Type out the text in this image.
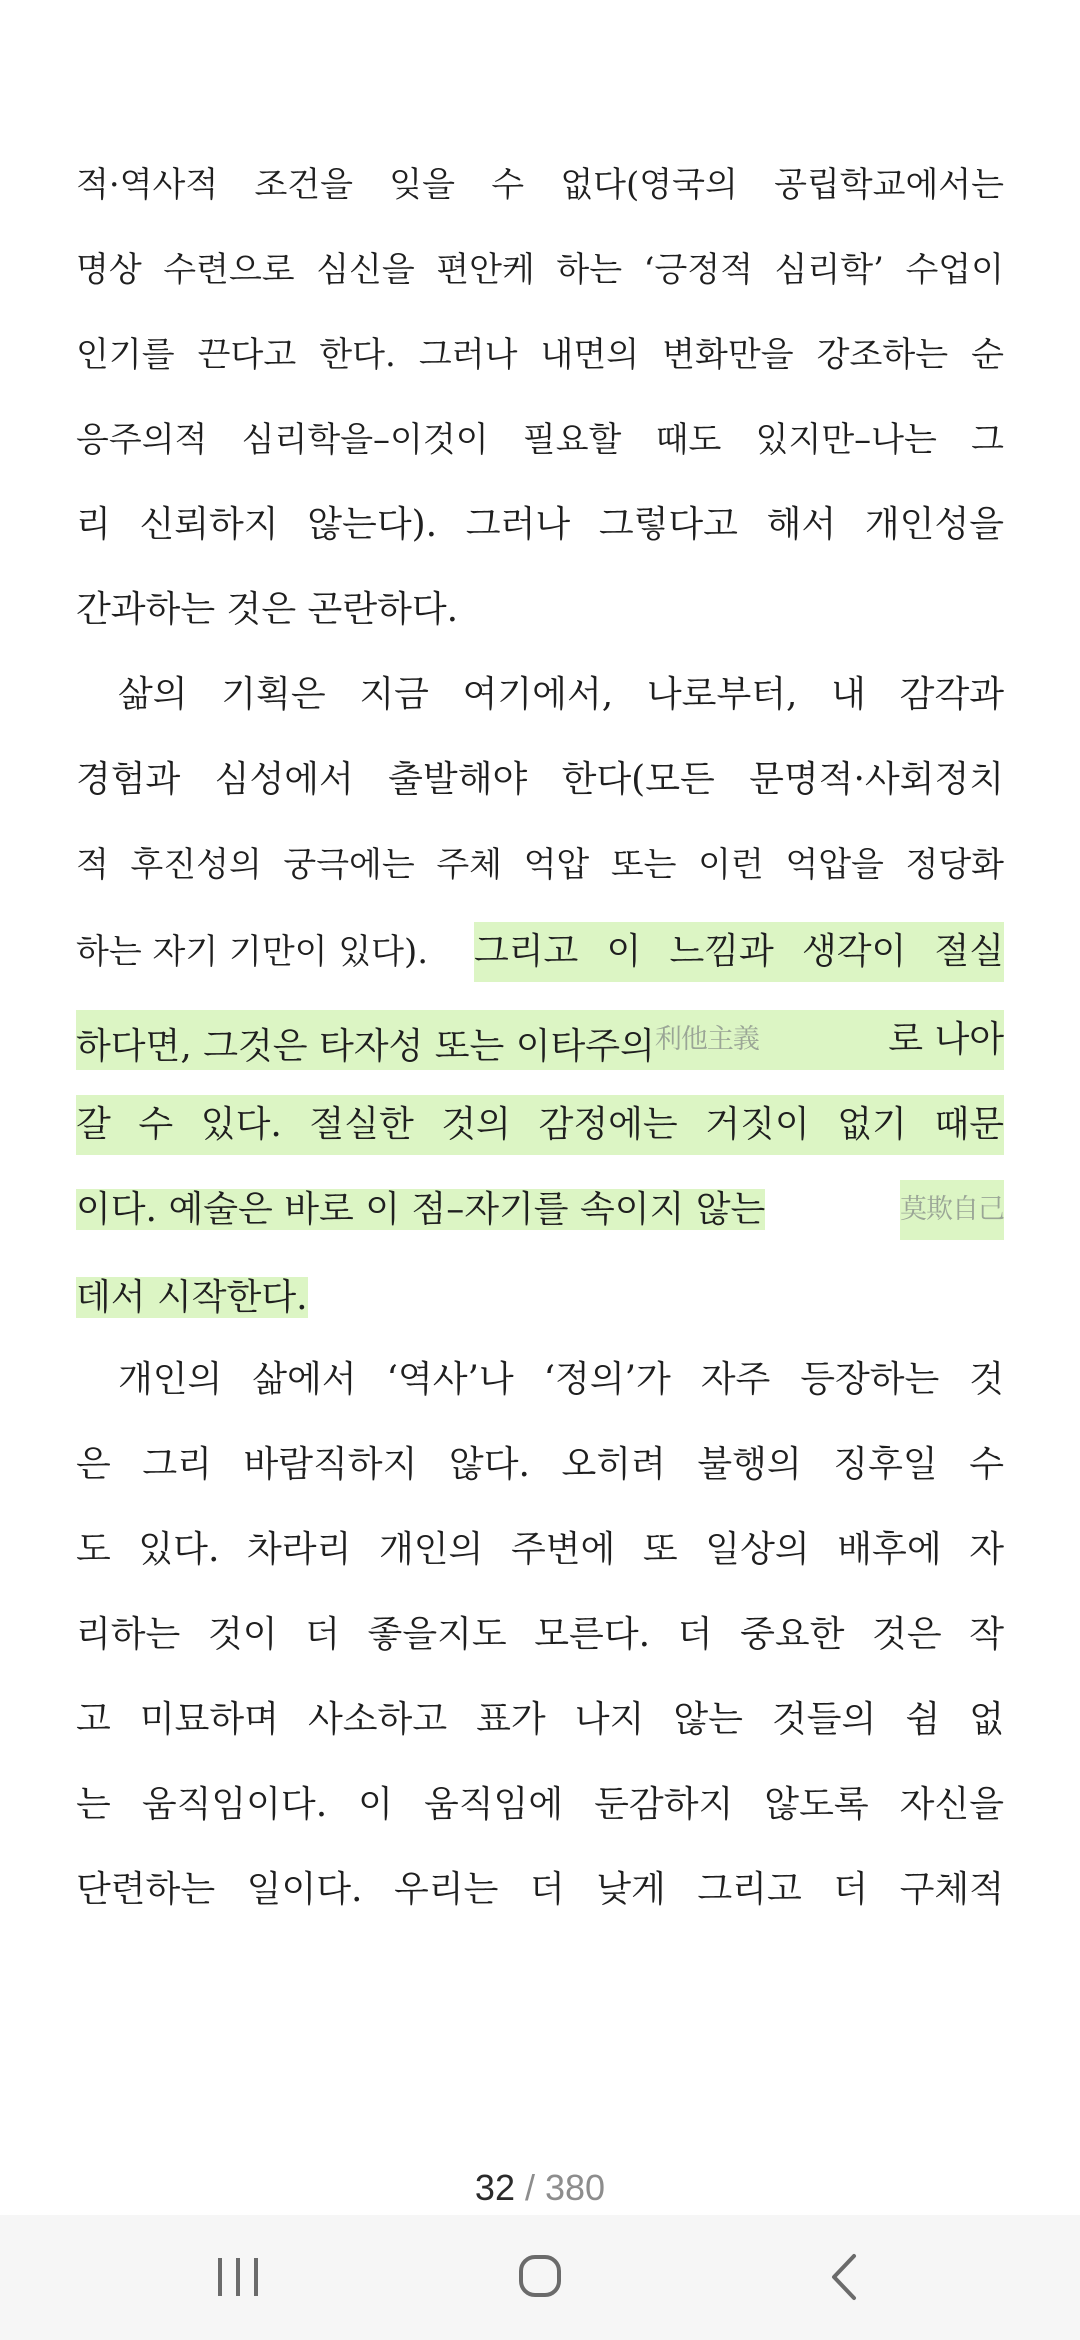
적·역사적 조건을 잊을 수 없다(영국의 공립학교에서는
명상 수련으로 심신을 편안케 하는 ‘긍정적 심리학’ 수업이
인기를 끈다고 한다. 그러나 내면의 변화만을 강조하는 순
응주의적 심리학을–이것이 필요할 때도 있지만–나는 그
리 신뢰하지 않는다). 그러나 그렇다고 해서 개인성을
간과하는 것은 곤란하다.
삶의 기획은 지금 여기에서, 나로부터, 내 감각과
경험과 심성에서 출발해야 한다(모든 문명적·사회정치
적 후진성의 궁극에는 주체 억압 또는 이런 억압을 정당화
하는 자기 기만이 있다). 그리고 이 느낌과 생각이 절실
하다면, 그것은 타자성 또는 이타주의$^{利他主義}$	로 나아
갈 수 있다. 절실한 것의 감정에는 거짓이 없기 때문
이다. 예술은 바로 이 점–자기를 속이지 않는	莫欺自己
데서 시작한다.
개인의 삶에서 ‘역사’나 ‘정의’가 자주 등장하는 것
은 그리 바람직하지 않다. 오히려 불행의 징후일 수
도 있다. 차라리 개인의 주변에 또 일상의 배후에 자
리하는 것이 더 좋을지도 모른다. 더 중요한 것은 작
고 미묘하며 사소하고 표가 나지 않는 것들의 쉼 없
는 움직임이다. 이 움직임에 둔감하지 않도록 자신을
단련하는 일이다. 우리는 더 낮게 그리고 더 구체적
32 / 380
